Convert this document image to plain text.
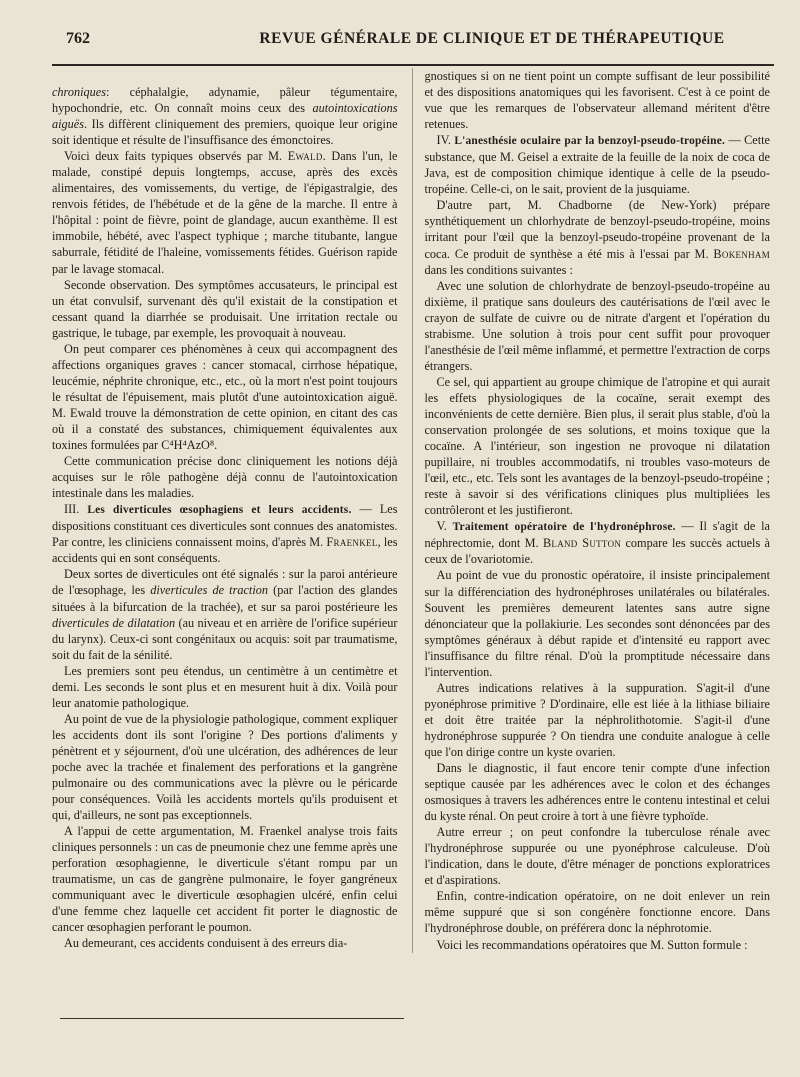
762	REVUE GÉNÉRALE DE CLINIQUE ET DE THÉRAPEUTIQUE

chroniques: céphalalgie, adynamie, pâleur tégumentaire, hypochondrie, etc. On connaît moins ceux des autointoxications aiguës. Ils diffèrent cliniquement des premiers, quoique leur origine soit identique et résulte de l'insuffisance des émonctoires.

Voici deux faits typiques observés par M. Ewald. Dans l'un, le malade, constipé depuis longtemps, accuse, après des excès alimentaires, des vomissements, du vertige, de l'épigastralgie, des renvois fétides, de l'hébétude et de la gêne de la marche. Il entre à l'hôpital : point de fièvre, point de glandage, aucun exanthème. Il est immobile, hébété, avec l'aspect typhique ; marche titubante, langue saburrale, fétidité de l'haleine, vomissements fétides. Guérison rapide par le lavage stomacal.

Seconde observation. Des symptômes accusateurs, le principal est un état convulsif, survenant dès qu'il existait de la constipation et cessant quand la diarrhée se produisait. Une irritation rectale ou gastrique, le tubage, par exemple, les provoquait à nouveau.

On peut comparer ces phénomènes à ceux qui accompagnent des affections organiques graves : cancer stomacal, cirrhose hépatique, leucémie, néphrite chronique, etc., etc., où la mort n'est point toujours le résultat de l'épuisement, mais plutôt d'une autointoxication aiguë. M. Ewald trouve la démonstration de cette opinion, en citant des cas où il a constaté des substances, chimiquement équivalentes aux toxines formulées par C⁴H⁴AzO⁸.

Cette communication précise donc cliniquement les notions déjà acquises sur le rôle pathogène déjà connu de l'autointoxication intestinale dans les maladies.

III. Les diverticules œsophagiens et leurs accidents. — Les dispositions constituant ces diverticules sont connues des anatomistes. Par contre, les cliniciens connaissent moins, d'après M. Fraenkel, les accidents qui en sont conséquents.

Deux sortes de diverticules ont été signalés : sur la paroi antérieure de l'œsophage, les diverticules de traction (par l'action des glandes situées à la bifurcation de la trachée), et sur sa paroi postérieure les diverticules de dilatation (au niveau et en arrière de l'orifice supérieur du larynx). Ceux-ci sont congénitaux ou acquis: soit par traumatisme, soit du fait de la sénilité.

Les premiers sont peu étendus, un centimètre à un centimètre et demi. Les seconds le sont plus et en mesurent huit à dix. Voilà pour leur anatomie pathologique.

Au point de vue de la physiologie pathologique, comment expliquer les accidents dont ils sont l'origine ? Des portions d'aliments y pénètrent et y séjournent, d'où une ulcération, des adhérences de leur poche avec la trachée et finalement des perforations et la gangrène pulmonaire ou des communications avec la plèvre ou le péricarde pour conséquences. Voilà les accidents mortels qu'ils produisent et qui, d'ailleurs, ne sont pas exceptionnels.

A l'appui de cette argumentation, M. Fraenkel analyse trois faits cliniques personnels : un cas de pneumonie chez une femme après une perforation œsophagienne, le diverticule s'étant rompu par un traumatisme, un cas de gangrène pulmonaire, le foyer gangréneux communiquant avec le diverticule œsophagien ulcéré, enfin celui d'une femme chez laquelle cet accident fit porter le diagnostic de cancer œsophagien perforant le poumon.

Au demeurant, ces accidents conduisent à des erreurs dia-

gnostiques si on ne tient point un compte suffisant de leur possibilité et des dispositions anatomiques qui les favorisent. C'est à ce point de vue que les remarques de l'observateur allemand méritent d'être retenues.

IV. L'anesthésie oculaire par la benzoyl-pseudo-tropéine. — Cette substance, que M. Geisel a extraite de la feuille de la noix de coca de Java, est de composition chimique identique à celle de la pseudo-tropéine. Celle-ci, on le sait, provient de la jusquiame.

D'autre part, M. Chadborne (de New-York) prépare synthétiquement un chlorhydrate de benzoyl-pseudo-tropéine, moins irritant pour l'œil que la benzoyl-pseudo-tropéine provenant de la coca. Ce produit de synthèse a été mis à l'essai par M. Bokenham dans les conditions suivantes :

Avec une solution de chlorhydrate de benzoyl-pseudo-tropéine au dixième, il pratique sans douleurs des cautérisations de l'œil avec le crayon de sulfate de cuivre ou de nitrate d'argent et l'opération du strabisme. Une solution à trois pour cent suffit pour provoquer l'anesthésie de l'œil même inflammé, et permettre l'extraction de corps étrangers.

Ce sel, qui appartient au groupe chimique de l'atropine et qui aurait les effets physiologiques de la cocaïne, serait exempt des inconvénients de cette dernière. Bien plus, il serait plus stable, d'où la conservation prolongée de ses solutions, et moins toxique que la cocaïne. A l'intérieur, son ingestion ne provoque ni dilatation pupillaire, ni troubles accommodatifs, ni troubles vaso-moteurs de l'œil, etc., etc. Tels sont les avantages de la benzoyl-pseudo-tropéine ; reste à savoir si des vérifications cliniques plus multipliées les contrôleront et les justifieront.

V. Traitement opératoire de l'hydronéphrose. — Il s'agit de la néphrectomie, dont M. Bland Sutton compare les succès actuels à ceux de l'ovariotomie.

Au point de vue du pronostic opératoire, il insiste principalement sur la différenciation des hydronéphroses unilatérales ou bilatérales. Souvent les premières demeurent latentes sans autre signe dénonciateur que la pollakiurie. Les secondes sont dénoncées par des symptômes généraux à début rapide et d'intensité eu rapport avec l'insuffisance du filtre rénal. D'où la promptitude nécessaire dans l'intervention.

Autres indications relatives à la suppuration. S'agit-il d'une pyonéphrose primitive ? D'ordinaire, elle est liée à la lithiase biliaire et doit être traitée par la néphrolithotomie. S'agit-il d'une hydronéphrose suppurée ? On tiendra une conduite analogue à celle que l'on dirige contre un kyste ovarien.

Dans le diagnostic, il faut encore tenir compte d'une infection septique causée par les adhérences avec le colon et des échanges osmosiques à travers les adhérences entre le contenu intestinal et celui du kyste rénal. On peut croire à tort à une fièvre typhoïde.

Autre erreur ; on peut confondre la tuberculose rénale avec l'hydronéphrose suppurée ou une pyonéphrose calculeuse. D'où l'indication, dans le doute, d'être ménager de ponctions exploratrices et d'aspirations.

Enfin, contre-indication opératoire, on ne doit enlever un rein même suppuré que si son congénère fonctionne encore. Dans l'hydronéphrose double, on préférera donc la néphrotomie.

Voici les recommandations opératoires que M. Sutton formule :
